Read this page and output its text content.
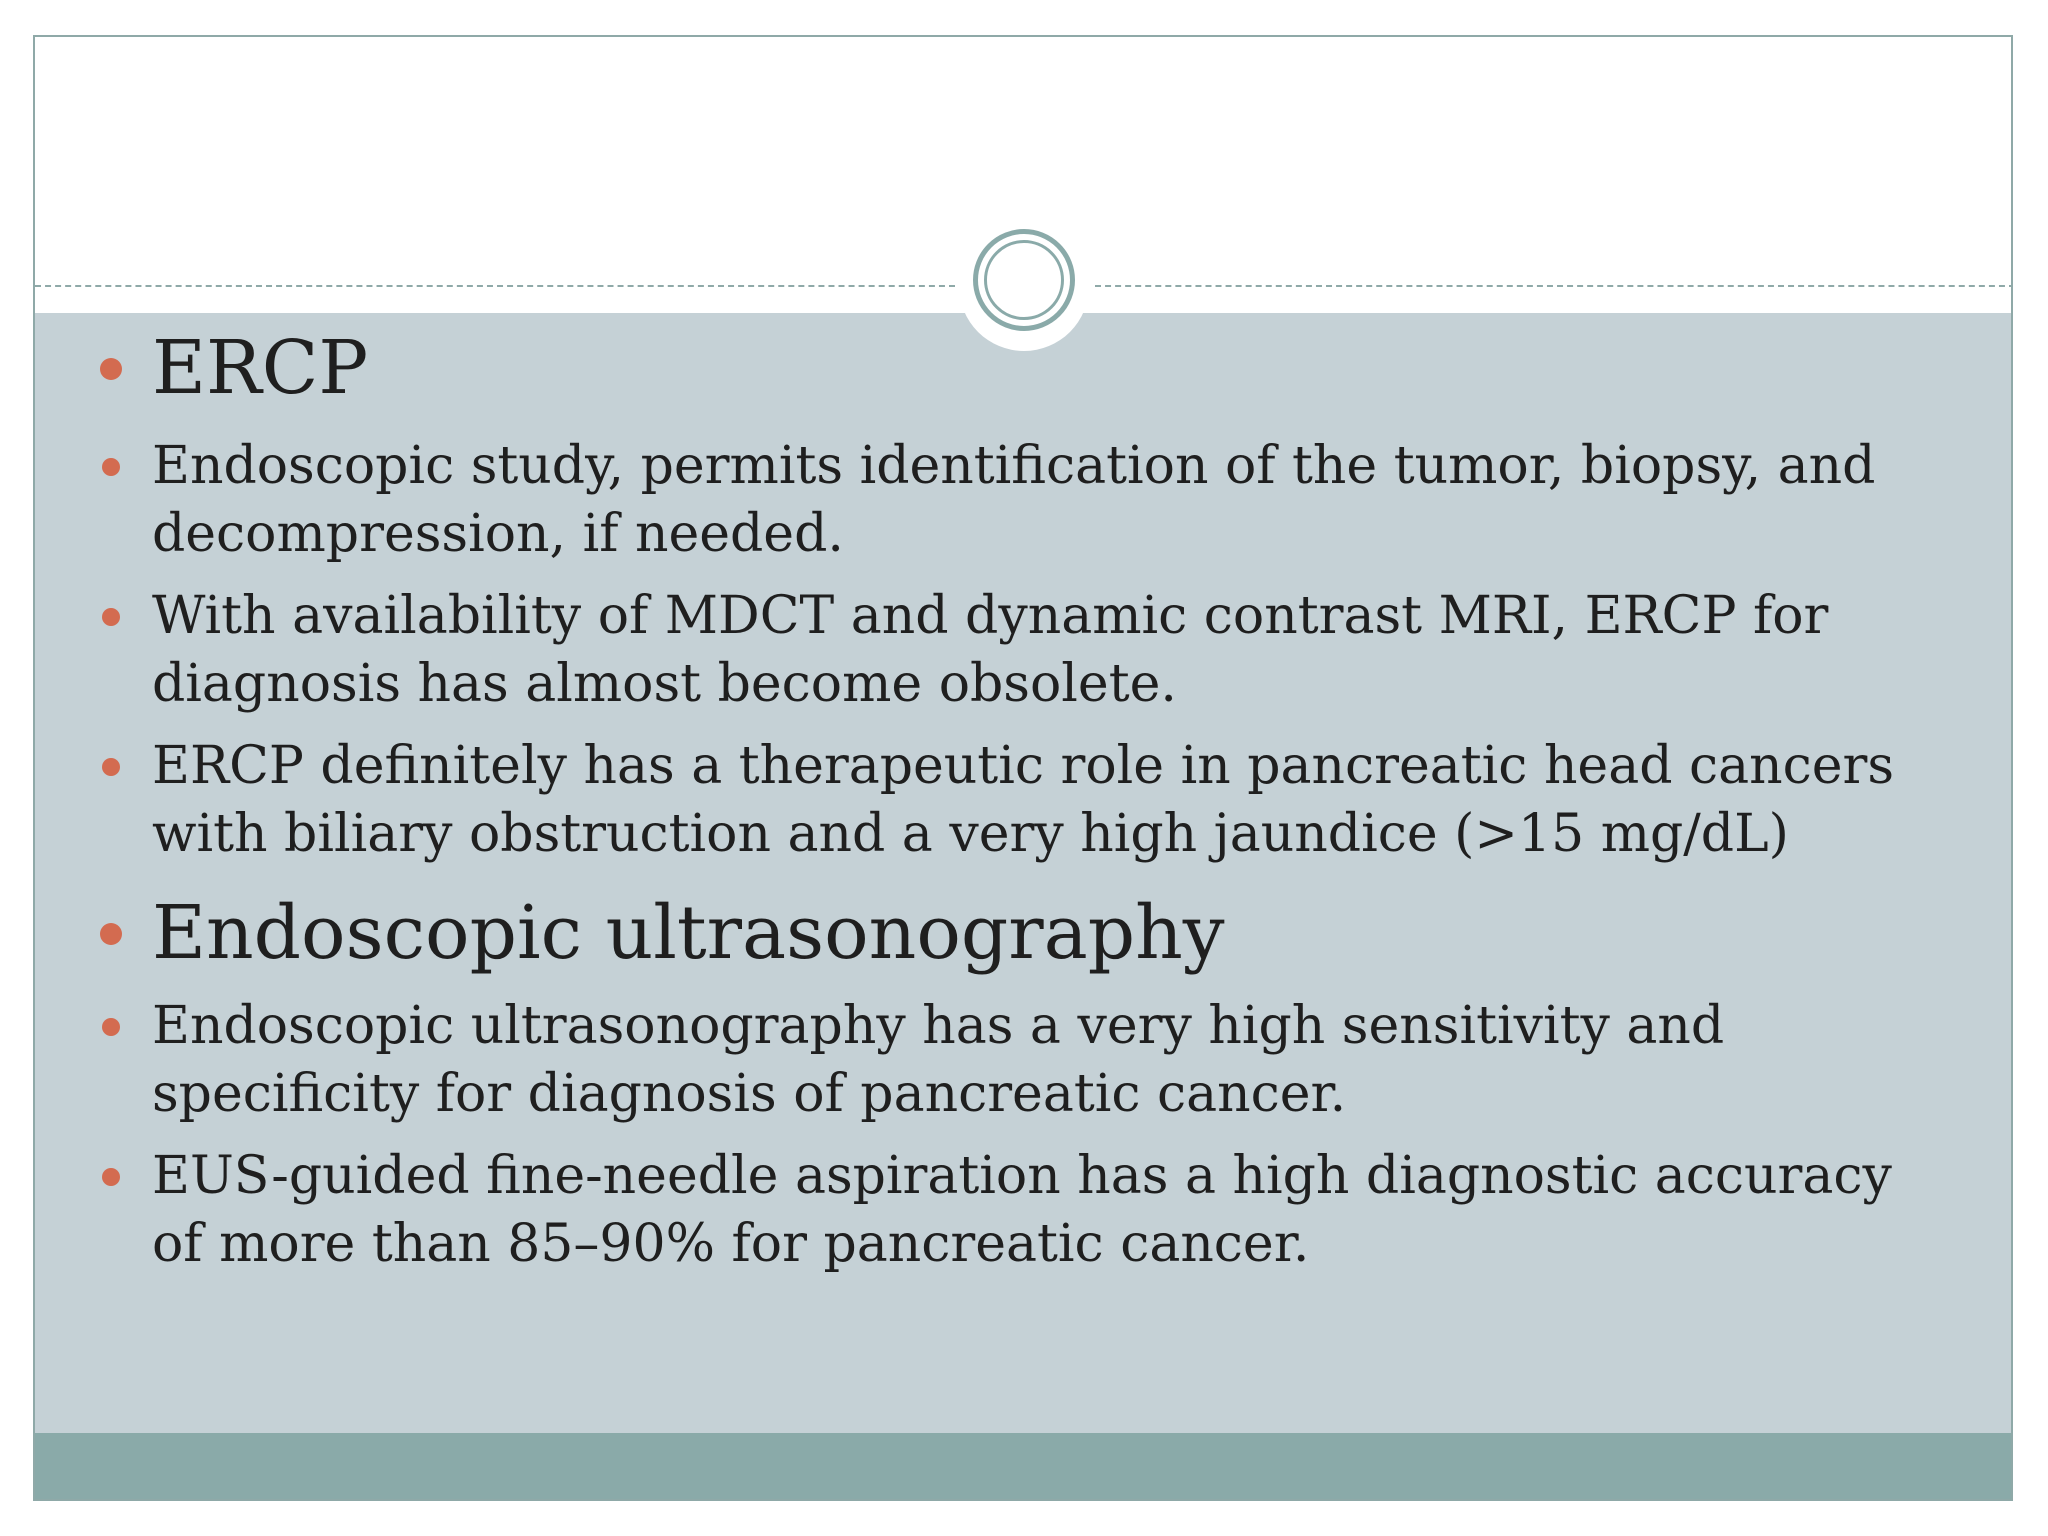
ERCP
Endoscopic study, permits identification of the tumor, biopsy, and decompression, if needed.
With availability of MDCT and dynamic contrast MRI, ERCP for diagnosis has almost become obsolete.
ERCP definitely has a therapeutic role in pancreatic head cancers with biliary obstruction and a very high jaundice (>15 mg/dL)
Endoscopic ultrasonography
Endoscopic ultrasonography has a very high sensitivity and specificity for diagnosis of pancreatic cancer.
EUS-guided fine-needle aspiration has a high diagnostic accuracy of more than 85–90% for pancreatic cancer.
